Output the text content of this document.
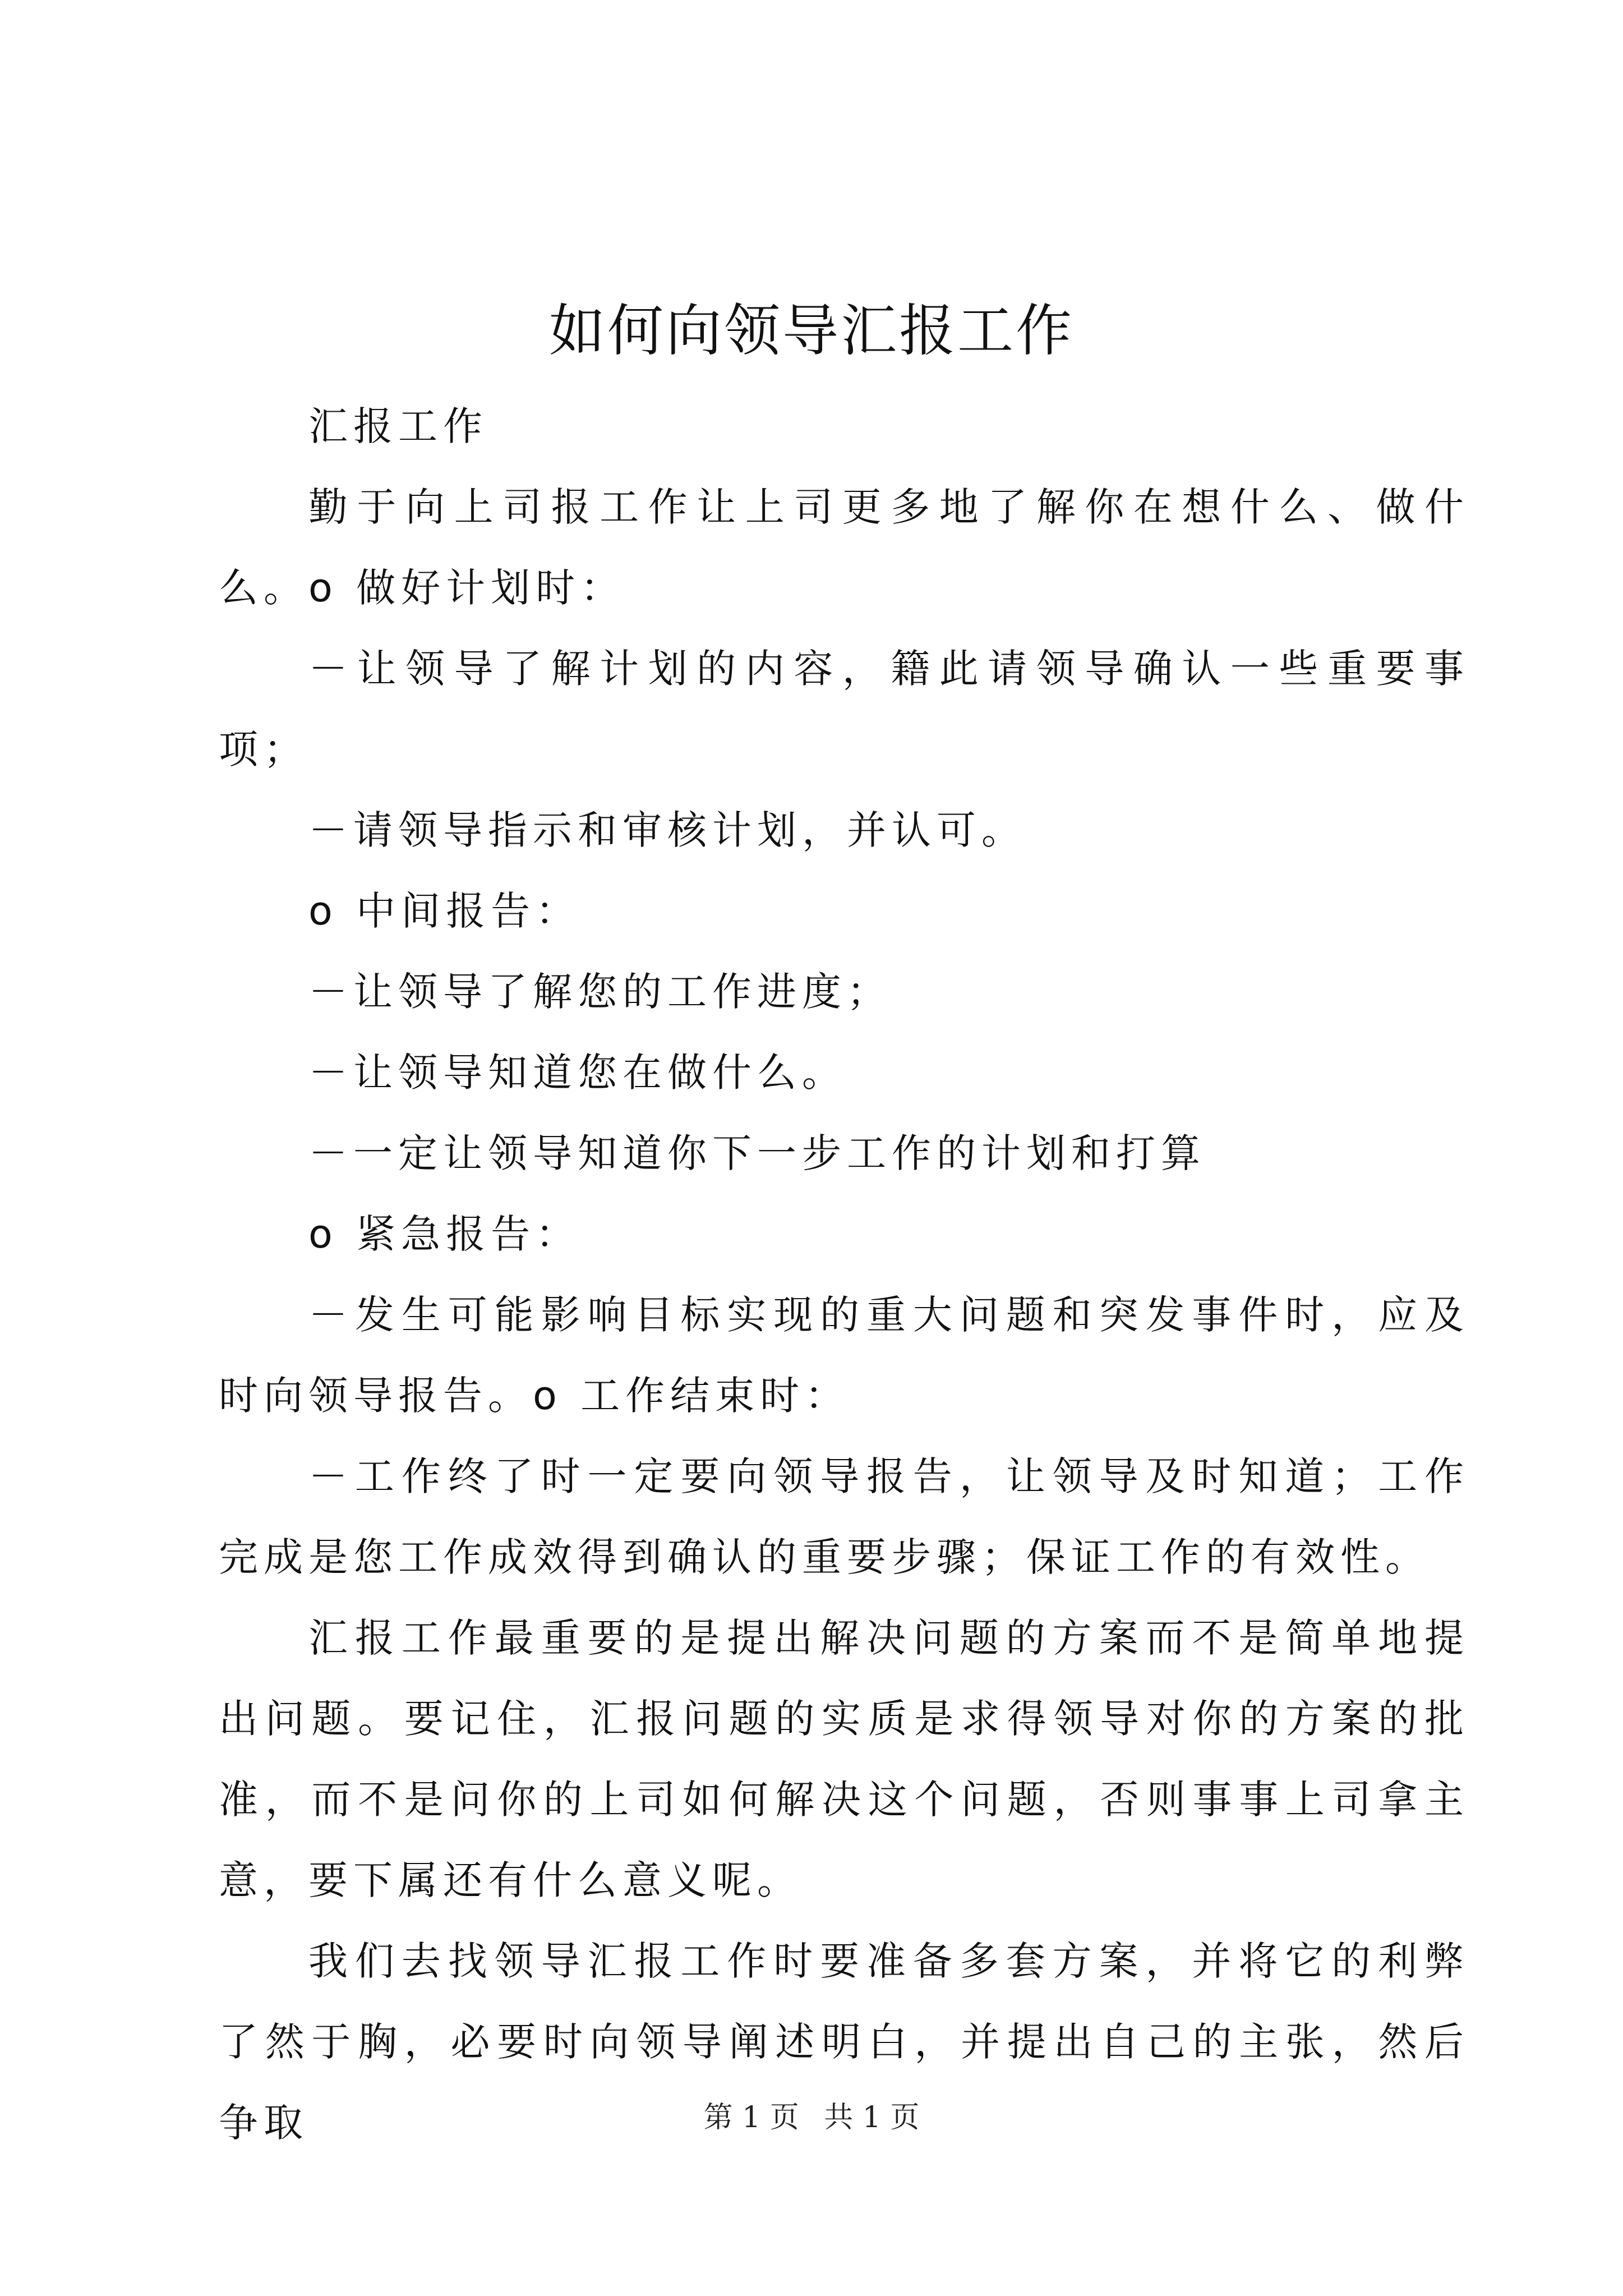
如何向领导汇报工作

汇报工作

勤于向上司报工作让上司更多地了解你在想什么、做什么。o 做好计划时：

－让领导了解计划的内容，籍此请领导确认一些重要事项；

－请领导指示和审核计划，并认可。

o 中间报告：

－让领导了解您的工作进度；

－让领导知道您在做什么。

－一定让领导知道你下一步工作的计划和打算

o 紧急报告：

－发生可能影响目标实现的重大问题和突发事件时，应及时向领导报告。o 工作结束时：

－工作终了时一定要向领导报告，让领导及时知道；工作完成是您工作成效得到确认的重要步骤；保证工作的有效性。

汇报工作最重要的是提出解决问题的方案而不是简单地提出问题。要记住，汇报问题的实质是求得领导对你的方案的批准，而不是问你的上司如何解决这个问题，否则事事上司拿主意，要下属还有什么意义呢。

我们去找领导汇报工作时要准备多套方案，并将它的利弊了然于胸，必要时向领导阐述明白，并提出自己的主张，然后争取	第 1 页 共 1 页
